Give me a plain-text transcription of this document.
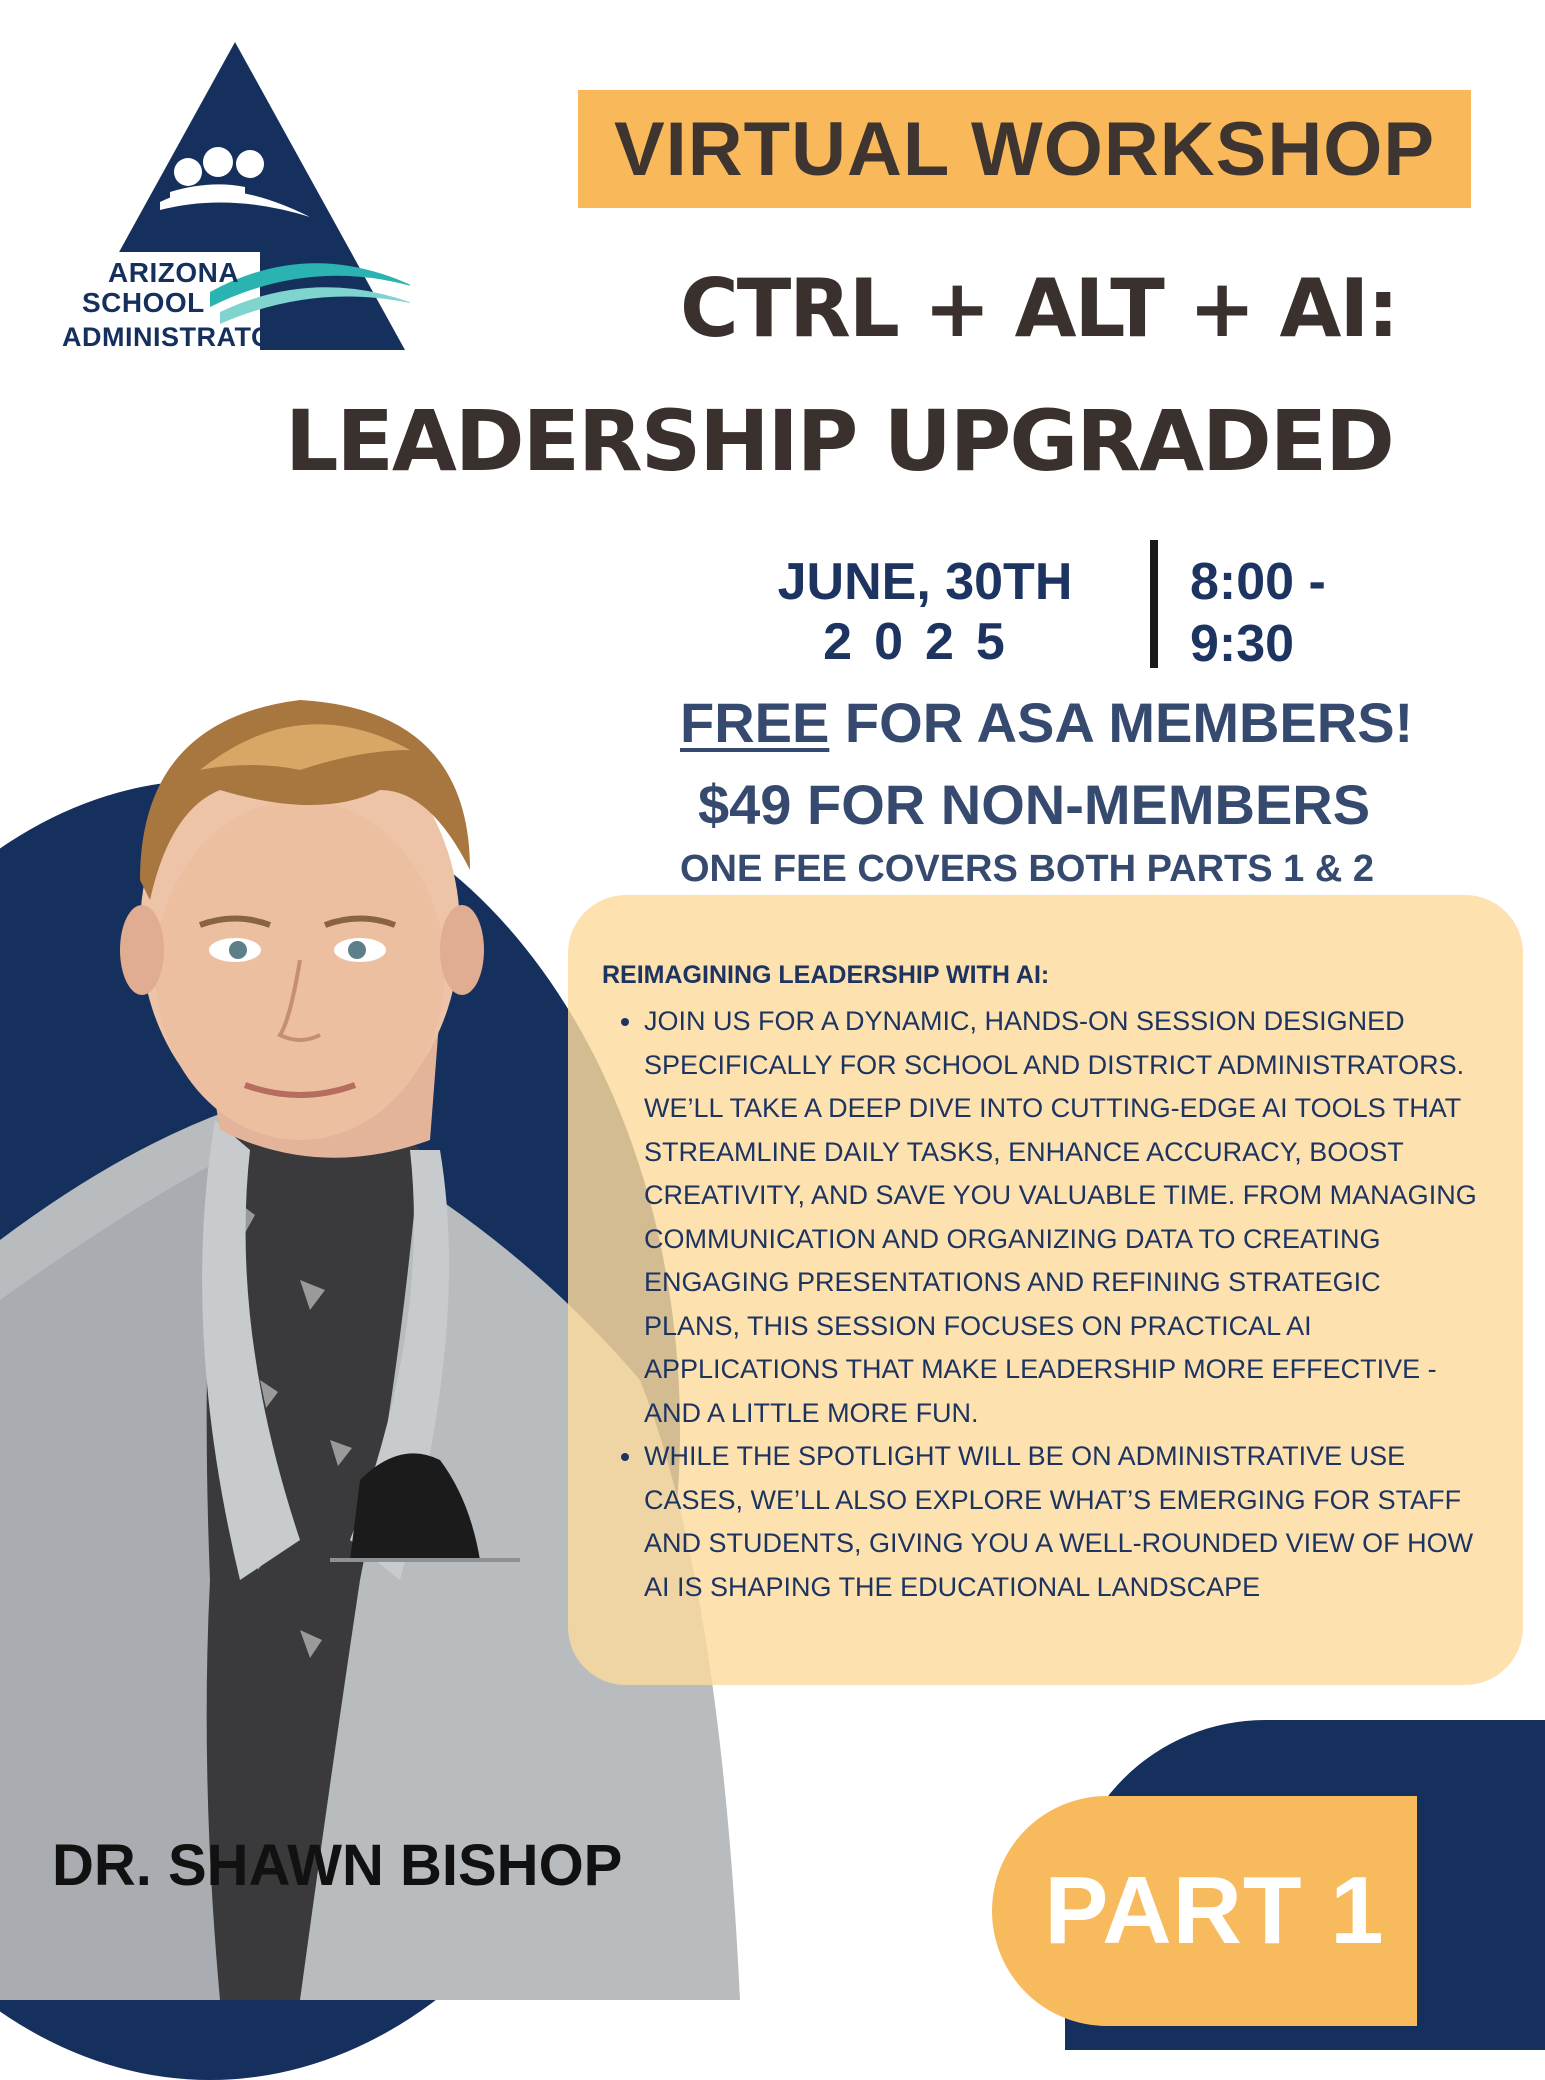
ARIZONA
SCHOOL
ADMINISTRATORS
VIRTUAL WORKSHOP
CTRL + ALT + AI:
LEADERSHIP UPGRADED
JUNE, 30TH
2025
8:00 -
9:30
FREE FOR ASA MEMBERS!
$49 FOR NON-MEMBERS
ONE FEE COVERS BOTH PARTS 1 & 2

REIMAGINING LEADERSHIP WITH AI:

• JOIN US FOR A DYNAMIC, HANDS-ON SESSION DESIGNED SPECIFICALLY FOR SCHOOL AND DISTRICT ADMINISTRATORS. WE’LL TAKE A DEEP DIVE INTO CUTTING-EDGE AI TOOLS THAT STREAMLINE DAILY TASKS, ENHANCE ACCURACY, BOOST CREATIVITY, AND SAVE YOU VALUABLE TIME. FROM MANAGING COMMUNICATION AND ORGANIZING DATA TO CREATING ENGAGING PRESENTATIONS AND REFINING STRATEGIC PLANS, THIS SESSION FOCUSES ON PRACTICAL AI APPLICATIONS THAT MAKE LEADERSHIP MORE EFFECTIVE - AND A LITTLE MORE FUN.
• WHILE THE SPOTLIGHT WILL BE ON ADMINISTRATIVE USE CASES, WE’LL ALSO EXPLORE WHAT’S EMERGING FOR STAFF AND STUDENTS, GIVING YOU A WELL-ROUNDED VIEW OF HOW AI IS SHAPING THE EDUCATIONAL LANDSCAPE
DR. SHAWN BISHOP	PART 1
